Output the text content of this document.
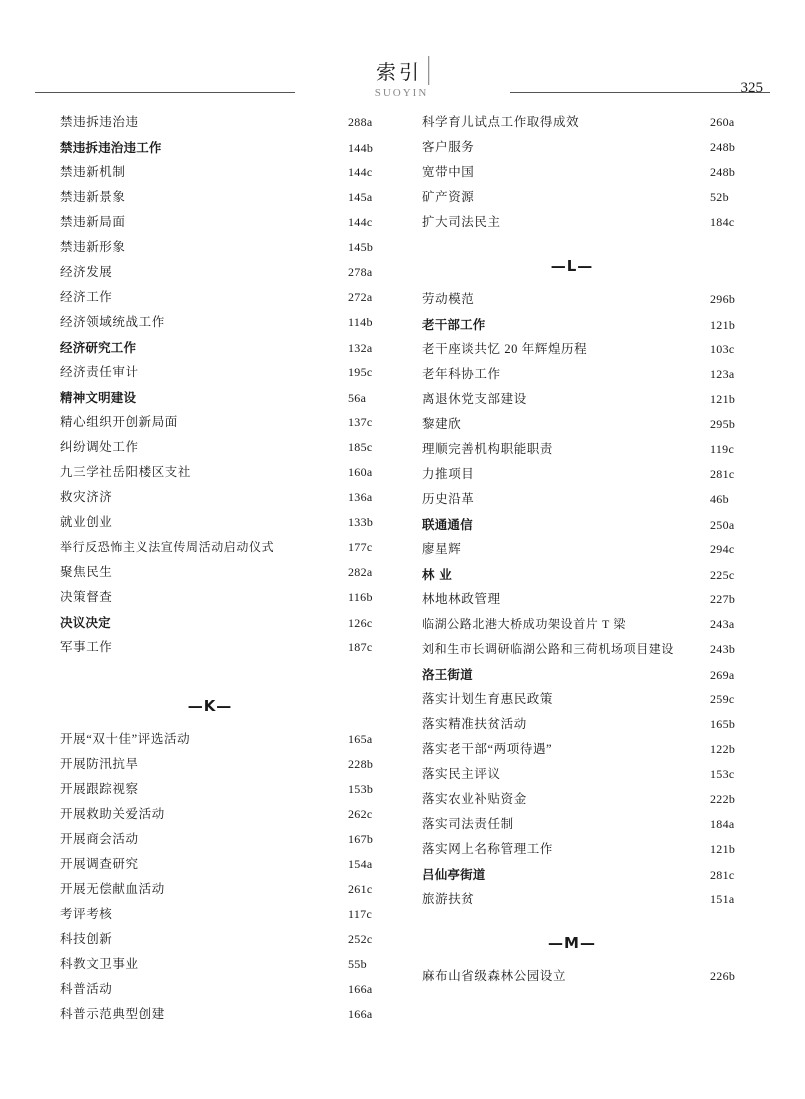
索引
SUOYIN	325
禁违拆违治违	288a
禁违拆违治违工作	144b
禁违新机制	144c
禁违新景象	145a
禁违新局面	144c
禁违新形象	145b
经济发展	278a
经济工作	272a
经济领域统战工作	114b
经济研究工作	132a
经济责任审计	195c
精神文明建设	56a
精心组织开创新局面	137c
纠纷调处工作	185c
九三学社岳阳楼区支社	160a
救灾济济	136a
就业创业	133b
举行反恐怖主义法宣传周活动启动仪式	177c
聚焦民生	282a
决策督查	116b
决议决定	126c
军事工作	187c
—K—
开展“双十佳”评选活动	165a
开展防汛抗旱	228b
开展跟踪视察	153b
开展救助关爱活动	262c
开展商会活动	167b
开展调查研究	154a
开展无偿献血活动	261c
考评考核	117c
科技创新	252c
科教文卫事业	55b
科普活动	166a
科普示范典型创建	166a
科学育儿试点工作取得成效	260a
客户服务	248b
宽带中国	248b
矿产资源	52b
扩大司法民主	184c
—L—
劳动模范	296b
老干部工作	121b
老干座谈共忆 20 年辉煌历程	103c
老年科协工作	123a
离退休党支部建设	121b
黎建欣	295b
理顺完善机构职能职责	119c
力推项目	281c
历史沿革	46b
联通通信	250a
廖星辉	294c
林 业	225c
林地林政管理	227b
临湖公路北港大桥成功架设首片 T 梁	243a
刘和生市长调研临湖公路和三荷机场项目建设	243b
洛王街道	269a
落实计划生育惠民政策	259c
落实精准扶贫活动	165b
落实老干部“两项待遇”	122b
落实民主评议	153c
落实农业补贴资金	222b
落实司法责任制	184a
落实网上名称管理工作	121b
吕仙亭街道	281c
旅游扶贫	151a
—M—
麻布山省级森林公园设立	226b
